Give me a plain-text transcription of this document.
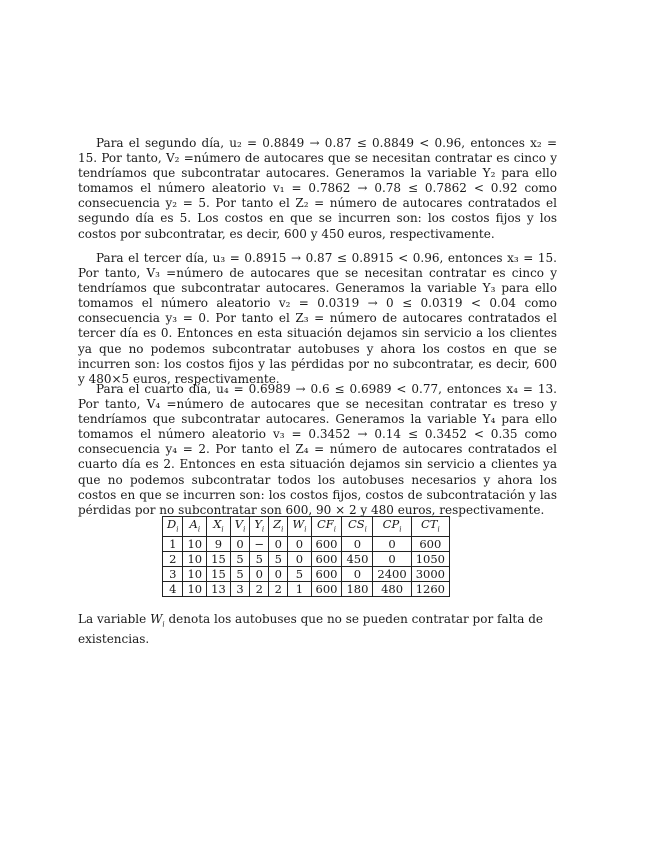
Para el segundo día, u₂ = 0.8849 → 0.87 ≤ 0.8849 < 0.96, entonces x₂ = 15. Por tanto, V₂ =número de autocares que se necesitan contratar es cinco y tendríamos que subcontratar autocares. Generamos la variable Y₂ para ello tomamos el número aleatorio v₁ = 0.7862 → 0.78 ≤ 0.7862 < 0.92 como consecuencia y₂ = 5. Por tanto el Z₂ = número de autocares contratados el segundo día es 5. Los costos en que se incurren son: los costos fijos y los costos por subcontratar, es decir, 600 y 450 euros, respectivamente.

Para el tercer día, u₃ = 0.8915 → 0.87 ≤ 0.8915 < 0.96, entonces x₃ = 15. Por tanto, V₃ =número de autocares que se necesitan contratar es cinco y tendríamos que subcontratar autocares. Generamos la variable Y₃ para ello tomamos el número aleatorio v₂ = 0.0319 → 0 ≤ 0.0319 < 0.04 como consecuencia y₃ = 0. Por tanto el Z₃ = número de autocares contratados el tercer día es 0. Entonces en esta situación dejamos sin servicio a los clientes ya que no podemos subcontratar autobuses y ahora los costos en que se incurren son: los costos fijos y las pérdidas por no subcontratar, es decir, 600 y 480×5 euros, respectivamente.

Para el cuarto día, u₄ = 0.6989 → 0.6 ≤ 0.6989 < 0.77, entonces x₄ = 13. Por tanto, V₄ =número de autocares que se necesitan contratar es treso y tendríamos que subcontratar autocares. Generamos la variable Y₄ para ello tomamos el número aleatorio v₃ = 0.3452 → 0.14 ≤ 0.3452 < 0.35 como consecuencia y₄ = 2. Por tanto el Z₄ = número de autocares contratados el cuarto día es 2. Entonces en esta situación dejamos sin servicio a clientes ya que no podemos subcontratar todos los autobuses necesarios y ahora los costos en que se incurren son: los costos fijos, costos de subcontratación y las pérdidas por no subcontratar son 600, 90 × 2 y 480 euros, respectivamente.

$D_i$	$A_i$	$X_i$	$V_i$	$Y_i$	$Z_i$	$W_i$	$CF_i$	$CS_i$	$CP_i$	$CT_i$
1	10	9	0	−	0	0	600	0	0	600
2	10	15	5	5	5	0	600	450	0	1050
3	10	15	5	0	0	5	600	0	2400	3000
4	10	13	3	2	2	1	600	180	480	1260
La variable $W_i$ denota los autobuses que no se pueden contratar por falta de existencias.
